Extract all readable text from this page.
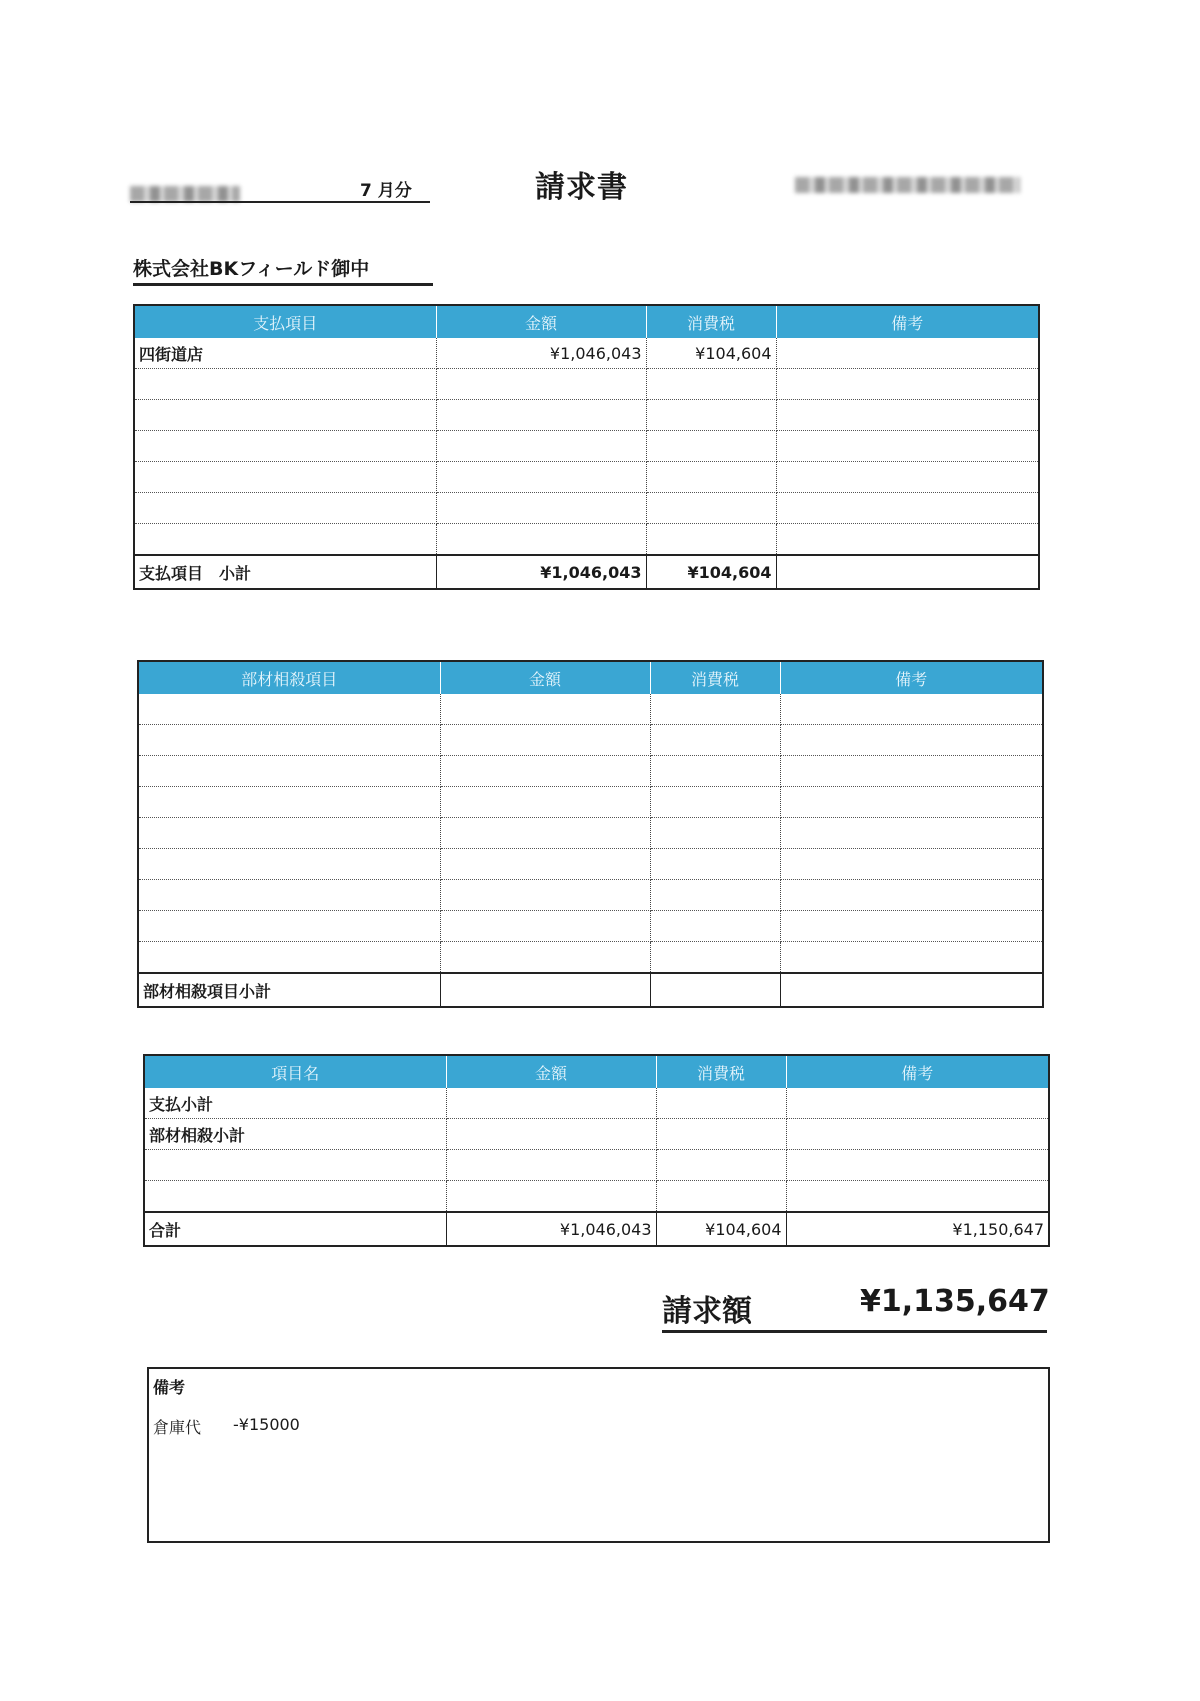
7 月分	請求書
株式会社BKフィールド御中
支払項目	金額	消費税	備考
四街道店	¥1,046,043	¥104,604	

支払項目　小計	¥1,046,043	¥104,604	
部材相殺項目	金額	消費税	備考

部材相殺項目小計			
項目名	金額	消費税	備考
支払小計			
部材相殺小計			

合計	¥1,046,043	¥104,604	¥1,150,647
請求額	¥1,135,647
備考
倉庫代 -¥15000
